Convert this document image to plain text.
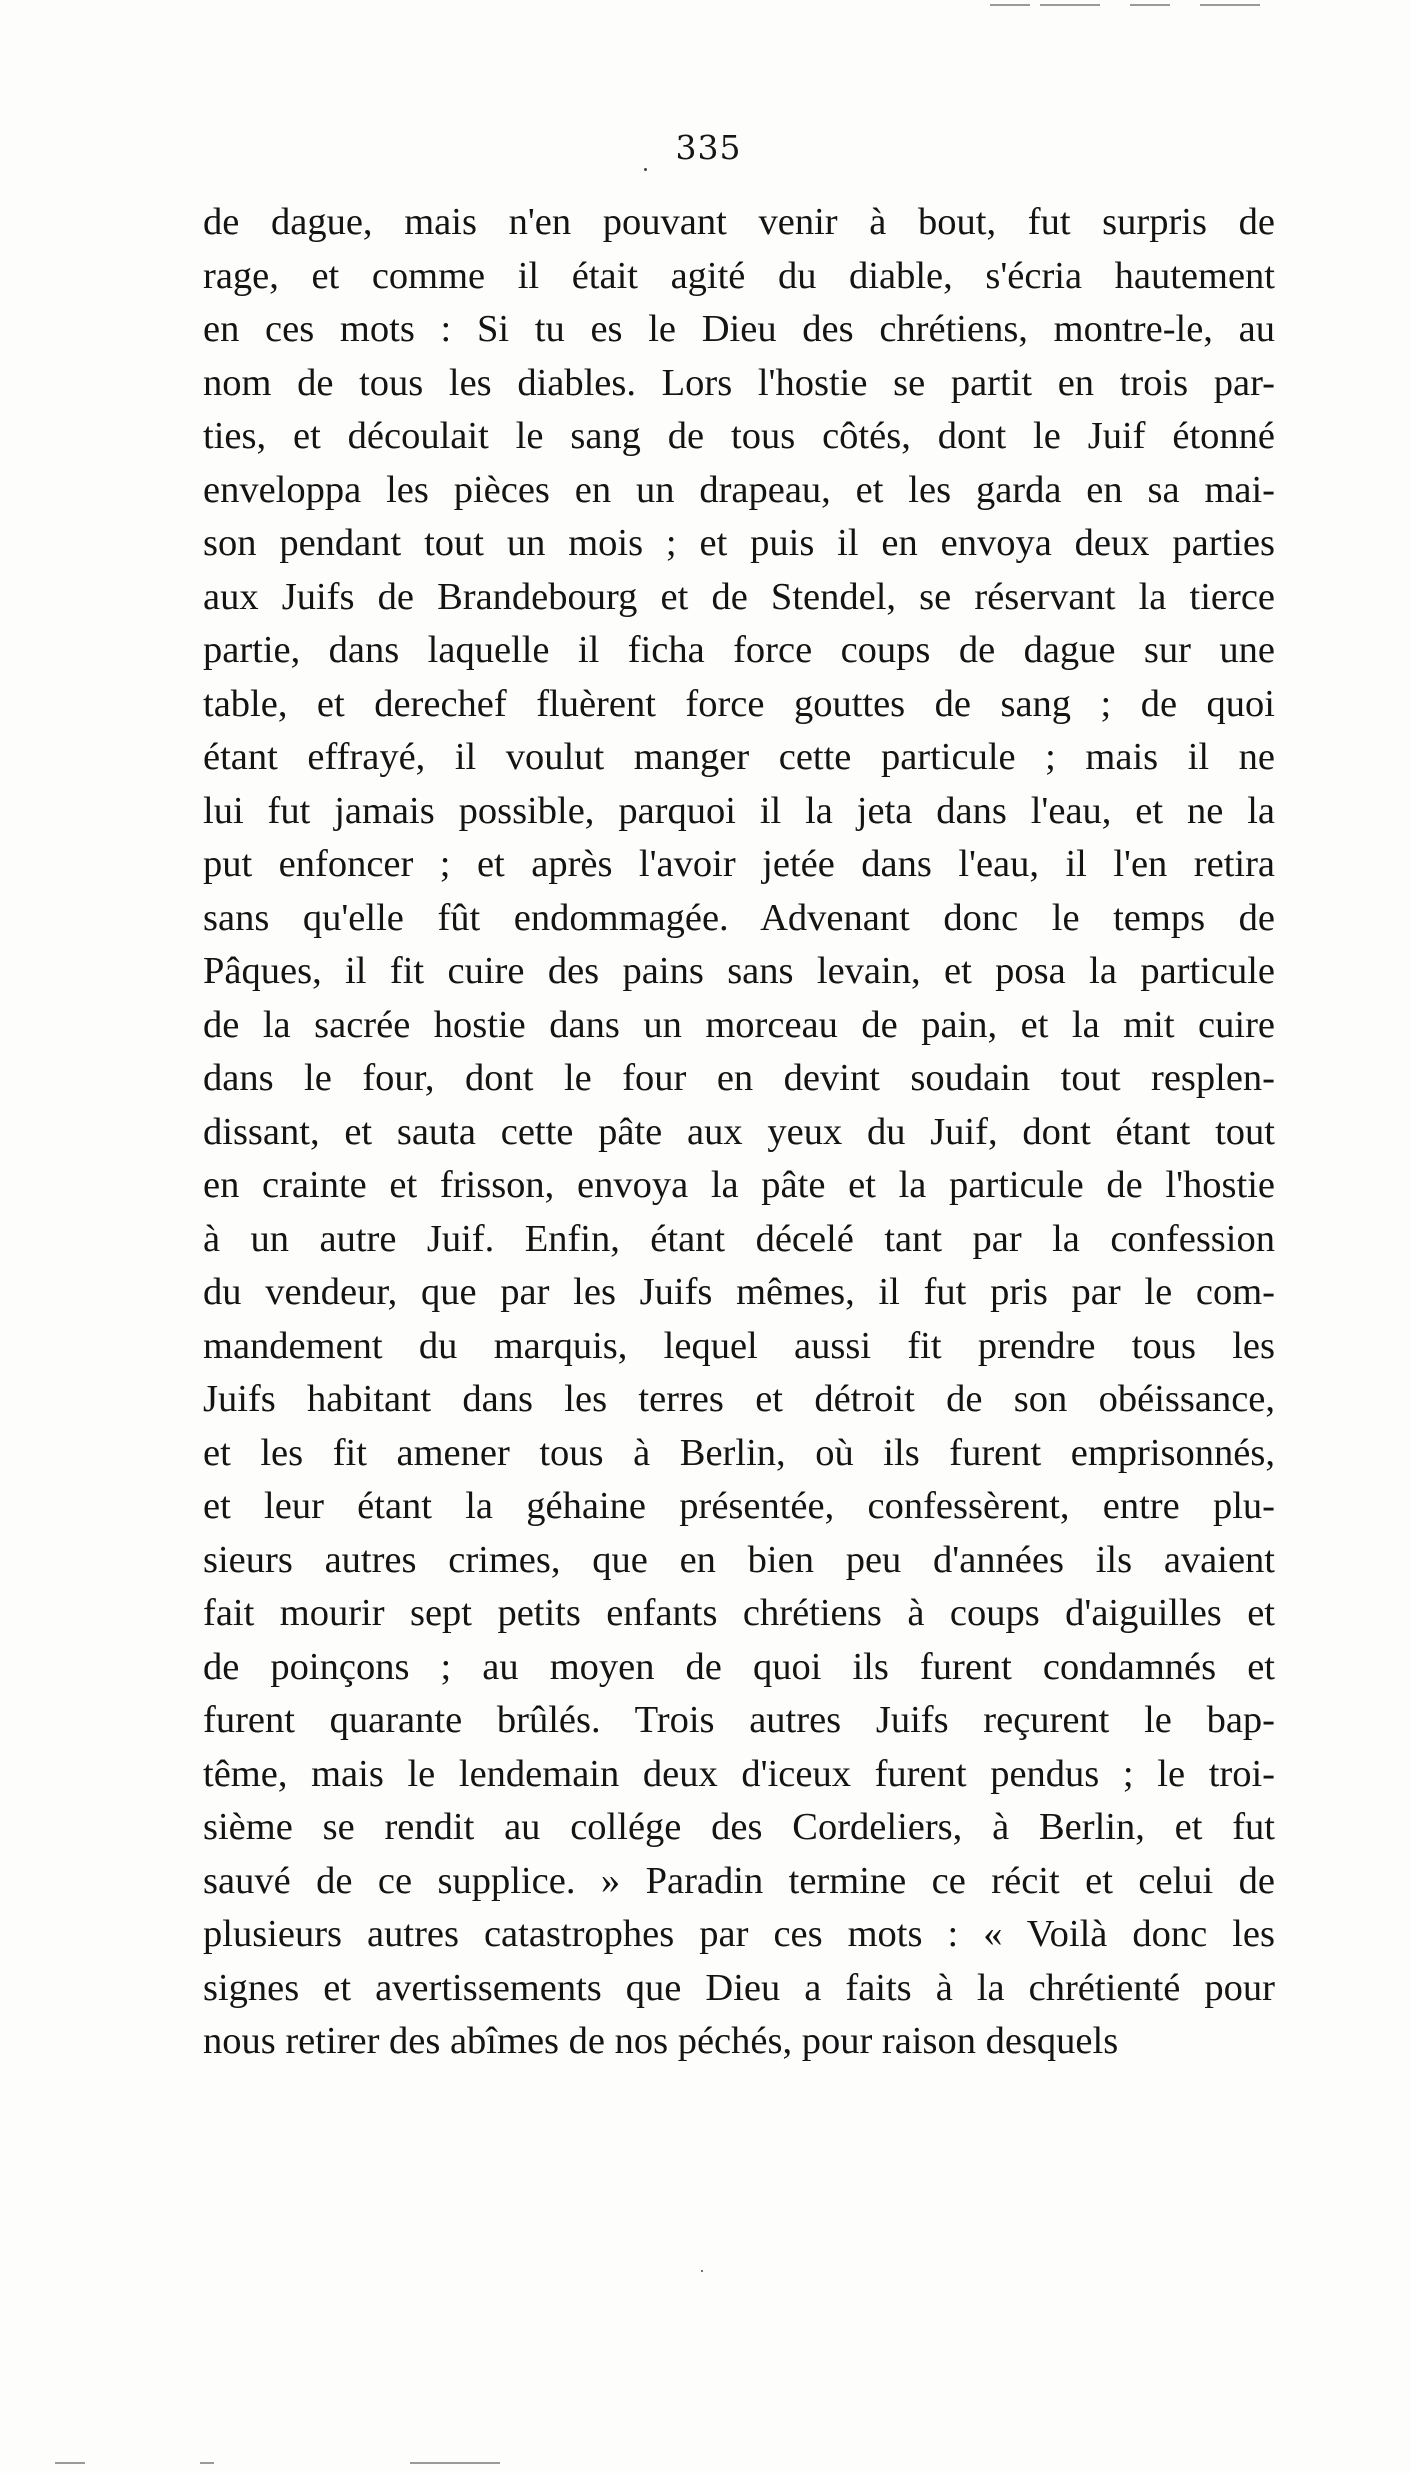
335
de dague, mais n'en pouvant venir à bout, fut surpris de
rage, et comme il était agité du diable, s'écria hautement
en ces mots : Si tu es le Dieu des chrétiens, montre-le, au
nom de tous les diables. Lors l'hostie se partit en trois par-
ties, et découlait le sang de tous côtés, dont le Juif étonné
enveloppa les pièces en un drapeau, et les garda en sa mai-
son pendant tout un mois ; et puis il en envoya deux parties
aux Juifs de Brandebourg et de Stendel, se réservant la tierce
partie, dans laquelle il ficha force coups de dague sur une
table, et derechef fluèrent force gouttes de sang ; de quoi
étant effrayé, il voulut manger cette particule ; mais il ne
lui fut jamais possible, parquoi il la jeta dans l'eau, et ne la
put enfoncer ; et après l'avoir jetée dans l'eau, il l'en retira
sans qu'elle fût endommagée. Advenant donc le temps de
Pâques, il fit cuire des pains sans levain, et posa la particule
de la sacrée hostie dans un morceau de pain, et la mit cuire
dans le four, dont le four en devint soudain tout resplen-
dissant, et sauta cette pâte aux yeux du Juif, dont étant tout
en crainte et frisson, envoya la pâte et la particule de l'hostie
à un autre Juif. Enfin, étant décelé tant par la confession
du vendeur, que par les Juifs mêmes, il fut pris par le com-
mandement du marquis, lequel aussi fit prendre tous les
Juifs habitant dans les terres et détroit de son obéissance,
et les fit amener tous à Berlin, où ils furent emprisonnés,
et leur étant la géhaine présentée, confessèrent, entre plu-
sieurs autres crimes, que en bien peu d'années ils avaient
fait mourir sept petits enfants chrétiens à coups d'aiguilles et
de poinçons ; au moyen de quoi ils furent condamnés et
furent quarante brûlés. Trois autres Juifs reçurent le bap-
tême, mais le lendemain deux d'iceux furent pendus ; le troi-
sième se rendit au collége des Cordeliers, à Berlin, et fut
sauvé de ce supplice. » Paradin termine ce récit et celui de
plusieurs autres catastrophes par ces mots : « Voilà donc les
signes et avertissements que Dieu a faits à la chrétienté pour
nous retirer des abîmes de nos péchés, pour raison desquels
